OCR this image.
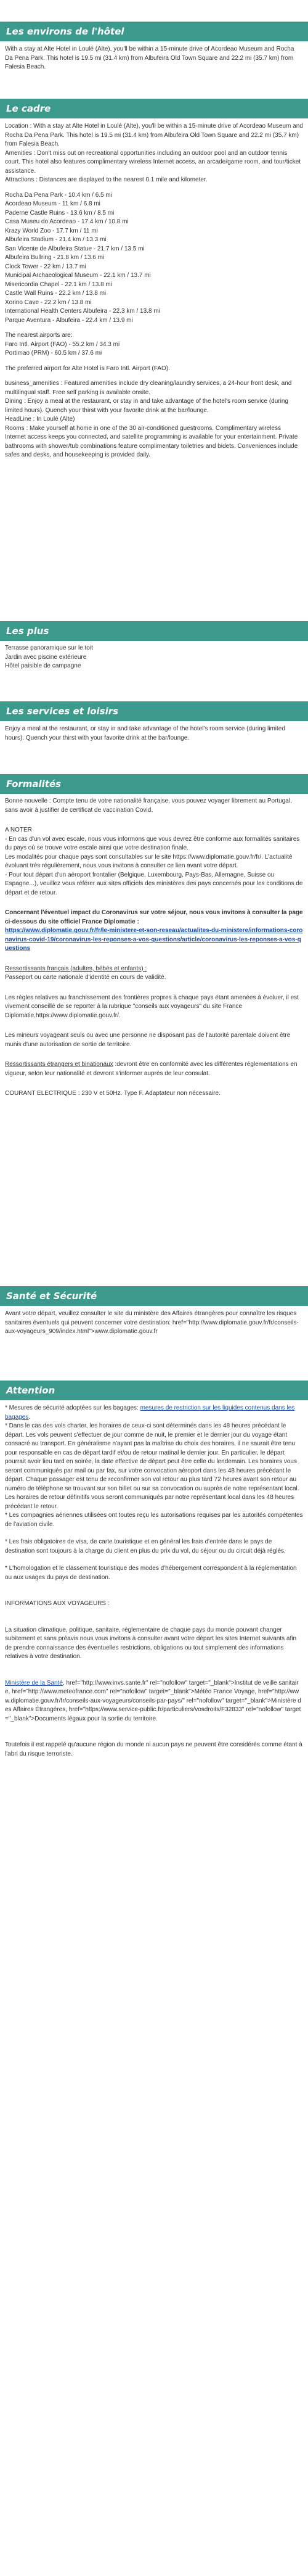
Les environs de l'hôtel

With a stay at Alte Hotel in Loulé (Alte), you'll be within a 15-minute drive of Acordeao Museum and Rocha Da Pena Park. This hotel is 19.5 mi (31.4 km) from Albufeira Old Town Square and 22.2 mi (35.7 km) from Falesia Beach.

Le cadre

Location : With a stay at Alte Hotel in Loulé (Alte), you'll be within a 15-minute drive of Acordeao Museum and Rocha Da Pena Park. This hotel is 19.5 mi (31.4 km) from Albufeira Old Town Square and 22.2 mi (35.7 km) from Falesia Beach.

Amenities : Don't miss out on recreational opportunities including an outdoor pool and an outdoor tennis court. This hotel also features complimentary wireless Internet access, an arcade/game room, and tour/ticket assistance.

Attractions : Distances are displayed to the nearest 0.1 mile and kilometer.

Rocha Da Pena Park - 10.4 km / 6.5 mi

Acordeao Museum - 11 km / 6.8 mi

Paderne Castle Ruins - 13.6 km / 8.5 mi

Casa Museu do Acordeao - 17.4 km / 10.8 mi

Krazy World Zoo - 17.7 km / 11 mi

Albufeira Stadium - 21.4 km / 13.3 mi

San Vicente de Albufeira Statue - 21.7 km / 13.5 mi

Albufeira Bullring - 21.8 km / 13.6 mi

Clock Tower - 22 km / 13.7 mi

Municipal Archaeological Museum - 22.1 km / 13.7 mi

Misericordia Chapel - 22.1 km / 13.8 mi

Castle Wall Ruins - 22.2 km / 13.8 mi

Xorino Cave - 22.2 km / 13.8 mi

International Health Centers Albufeira - 22.3 km / 13.8 mi

Parque Aventura - Albufeira - 22.4 km / 13.9 mi

The nearest airports are:

Faro Intl. Airport (FAO) - 55.2 km / 34.3 mi

Portimao (PRM) - 60.5 km / 37.6 mi

The preferred airport for Alte Hotel is Faro Intl. Airport (FAO).

business_amenities : Featured amenities include dry cleaning/laundry services, a 24-hour front desk, and multilingual staff. Free self parking is available onsite.

Dining : Enjoy a meal at the restaurant, or stay in and take advantage of the hotel's room service (during limited hours). Quench your thirst with your favorite drink at the bar/lounge.

HeadLine : In Loulé (Alte)

Rooms : Make yourself at home in one of the 30 air-conditioned guestrooms. Complimentary wireless Internet access keeps you connected, and satellite programming is available for your entertainment. Private bathrooms with shower/tub combinations feature complimentary toiletries and bidets. Conveniences include safes and desks, and housekeeping is provided daily.

Les plus

Terrasse panoramique sur le toit

Jardin avec piscine extérieure

Hôtel paisible de campagne

Les services et loisirs

Enjoy a meal at the restaurant, or stay in and take advantage of the hotel's room service (during limited hours). Quench your thirst with your favorite drink at the bar/lounge.

Formalités

Bonne nouvelle : Compte tenu de votre nationalité française, vous pouvez voyager librement au Portugal, sans avoir à justifier de certificat de vaccination Covid.

A NOTER

- En cas d'un vol avec escale, nous vous informons que vous devrez être conforme aux formalités sanitaires du pays où se trouve votre escale ainsi que votre destination finale.

Les modalités pour chaque pays sont consultables sur le site https://www.diplomatie.gouv.fr/fr/. L'actualité évoluant très régulièrement, nous vous invitons à consulter ce lien avant votre départ.

- Pour tout départ d'un aéroport frontalier (Belgique, Luxembourg, Pays-Bas, Allemagne, Suisse ou Espagne...), veuillez vous référer aux sites officiels des ministères des pays concernés pour les conditions de départ et de retour.

Concernant l'éventuel impact du Coronavirus sur votre séjour, nous vous invitons à consulter la page ci-dessous du site officiel France Diplomatie :

https://www.diplomatie.gouv.fr/fr/le-ministere-et-son-reseau/actualites-du-ministere/informations-coronavirus-covid-19/coronavirus-les-reponses-a-vos-questions/article/coronavirus-les-reponses-a-vos-questions

Ressortissants français (adultes, bébés et enfants) :

Passeport ou carte nationale d'identité en cours de validité.

Les règles relatives au franchissement des frontières propres à chaque pays étant amenées à évoluer, il est vivement conseillé de se reporter à la rubrique "conseils aux voyageurs" du site France Diplomatie,https://www.diplomatie.gouv.fr/.

Les mineurs voyageant seuls ou avec une personne ne disposant pas de l'autorité parentale doivent être munis d'une autorisation de sortie de territoire.

Ressortissants étrangers et binationaux :devront être en conformité avec les différentes réglementations en vigueur, selon leur nationalité et devront s'informer auprès de leur consulat.

COURANT ELECTRIQUE : 230 V et 50Hz. Type F. Adaptateur non nécessaire.

Santé et Sécurité

Avant votre départ, veuillez consulter le site du ministère des Affaires étrangères pour connaître les risques sanitaires éventuels qui peuvent concerner votre destination: href="http://www.diplomatie.gouv.fr/fr/conseils-aux-voyageurs_909/index.html">www.diplomatie.gouv.fr

Attention

* Mesures de sécurité adoptées sur les bagages: mesures de restriction sur les liquides contenus dans les bagages.

* Dans le cas des vols charter, les horaires de ceux-ci sont déterminés dans les 48 heures précédant le départ. Les vols peuvent s'effectuer de jour comme de nuit, le premier et le dernier jour du voyage étant consacré au transport. En généralisme n'ayant pas la maîtrise du choix des horaires, il ne saurait être tenu pour responsable en cas de départ tardif et/ou de retour matinal le dernier jour. En particulier, le départ pourrait avoir lieu tard en soirée, la date effective de départ peut être celle du lendemain. Les horaires vous seront communiqués par mail ou par fax, sur votre convocation aéroport dans les 48 heures précédant le départ. Chaque passager est tenu de reconfirmer son vol retour au plus tard 72 heures avant son retour au numéro de téléphone se trouvant sur son billet ou sur sa convocation ou auprès de notre représentant local. Les horaires de retour définitifs vous seront communiqués par notre représentant local dans les 48 heures précédant le retour.

* Les compagnies aériennes utilisées ont toutes reçu les autorisations requises par les autorités compétentes de l'aviation civile.

* Les frais obligatoires de visa, de carte touristique et en général les frais d'entrée dans le pays de destination sont toujours à la charge du client en plus du prix du vol, du séjour ou du circuit déjà réglés.

* L'homologation et le classement touristique des modes d'hébergement correspondent à la réglementation ou aux usages du pays de destination.

INFORMATIONS AUX VOYAGEURS :

La situation climatique, politique, sanitaire, réglementaire de chaque pays du monde pouvant changer subitement et sans préavis nous vous invitons à consulter avant votre départ les sites Internet suivants afin de prendre connaissance des éventuelles restrictions, obligations ou tout simplement des informations relatives à votre destination.

Ministère de la Santé, href="http://www.invs.sante.fr" rel="nofollow" target="_blank">Institut de veille sanitaire, href="http://www.meteofrance.com" rel="nofollow" target="_blank">Météo France Voyage, href="http://www.diplomatie.gouv.fr/fr/conseils-aux-voyageurs/conseils-par-pays/" rel="nofollow" target="_blank">Ministère des Affaires Étrangères, href="https://www.service-public.fr/particuliers/vosdroits/F32833" rel="nofollow" target="_blank">Documents légaux pour la sortie du territoire.

Toutefois il est rappelé qu'aucune région du monde ni aucun pays ne peuvent être considérés comme étant à l'abri du risque terroriste.
